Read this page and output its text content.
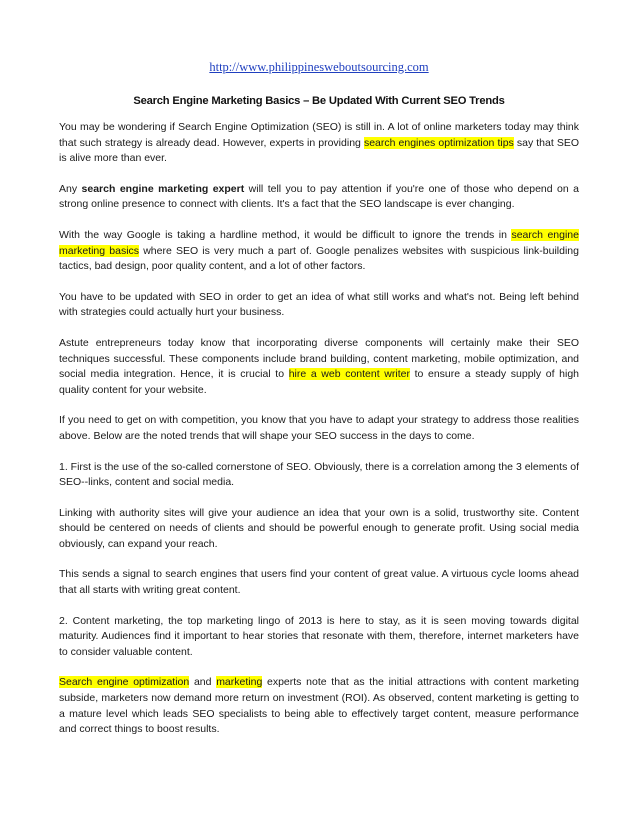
http://www.philippinesweboutsourcing.com
Search Engine Marketing Basics – Be Updated With Current SEO Trends

You may be wondering if Search Engine Optimization (SEO) is still in. A lot of online marketers today may think that such strategy is already dead. However, experts in providing search engines optimization tips say that SEO is alive more than ever.

Any search engine marketing expert will tell you to pay attention if you're one of those who depend on a strong online presence to connect with clients. It's a fact that the SEO landscape is ever changing.

With the way Google is taking a hardline method, it would be difficult to ignore the trends in search engine marketing basics where SEO is very much a part of. Google penalizes websites with suspicious link-building tactics, bad design, poor quality content, and a lot of other factors.

You have to be updated with SEO in order to get an idea of what still works and what's not. Being left behind with strategies could actually hurt your business.

Astute entrepreneurs today know that incorporating diverse components will certainly make their SEO techniques successful. These components include brand building, content marketing, mobile optimization, and social media integration. Hence, it is crucial to hire a web content writer to ensure a steady supply of high quality content for your website.

If you need to get on with competition, you know that you have to adapt your strategy to address those realities above. Below are the noted trends that will shape your SEO success in the days to come.

1. First is the use of the so-called cornerstone of SEO. Obviously, there is a correlation among the 3 elements of SEO--links, content and social media.

Linking with authority sites will give your audience an idea that your own is a solid, trustworthy site. Content should be centered on needs of clients and should be powerful enough to generate profit. Using social media obviously, can expand your reach.

This sends a signal to search engines that users find your content of great value. A virtuous cycle looms ahead that all starts with writing great content.

2. Content marketing, the top marketing lingo of 2013 is here to stay, as it is seen moving towards digital maturity. Audiences find it important to hear stories that resonate with them, therefore, internet marketers have to consider valuable content.

Search engine optimization and marketing experts note that as the initial attractions with content marketing subside, marketers now demand more return on investment (ROI). As observed, content marketing is getting to a mature level which leads SEO specialists to being able to effectively target content, measure performance and correct things to boost results.
